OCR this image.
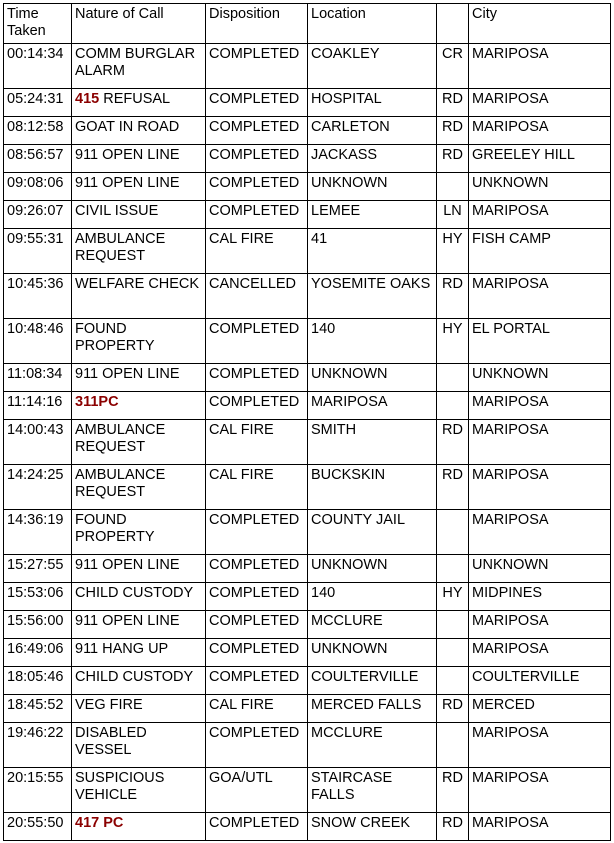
Time Taken	Nature of Call	Disposition	Location		City
00:14:34	COMM BURGLAR ALARM	COMPLETED	COAKLEY	CR	MARIPOSA
05:24:31	415 REFUSAL	COMPLETED	HOSPITAL	RD	MARIPOSA
08:12:58	GOAT IN ROAD	COMPLETED	CARLETON	RD	MARIPOSA
08:56:57	911 OPEN LINE	COMPLETED	JACKASS	RD	GREELEY HILL
09:08:06	911 OPEN LINE	COMPLETED	UNKNOWN		UNKNOWN
09:26:07	CIVIL ISSUE	COMPLETED	LEMEE	LN	MARIPOSA
09:55:31	AMBULANCE REQUEST	CAL FIRE	41	HY	FISH CAMP
10:45:36	WELFARE CHECK	CANCELLED	YOSEMITE OAKS	RD	MARIPOSA
10:48:46	FOUND PROPERTY	COMPLETED	140	HY	EL PORTAL
11:08:34	911 OPEN LINE	COMPLETED	UNKNOWN		UNKNOWN
11:14:16	311PC	COMPLETED	MARIPOSA		MARIPOSA
14:00:43	AMBULANCE REQUEST	CAL FIRE	SMITH	RD	MARIPOSA
14:24:25	AMBULANCE REQUEST	CAL FIRE	BUCKSKIN	RD	MARIPOSA
14:36:19	FOUND PROPERTY	COMPLETED	COUNTY JAIL		MARIPOSA
15:27:55	911 OPEN LINE	COMPLETED	UNKNOWN		UNKNOWN
15:53:06	CHILD CUSTODY	COMPLETED	140	HY	MIDPINES
15:56:00	911 OPEN LINE	COMPLETED	MCCLURE		MARIPOSA
16:49:06	911 HANG UP	COMPLETED	UNKNOWN		MARIPOSA
18:05:46	CHILD CUSTODY	COMPLETED	COULTERVILLE		COULTERVILLE
18:45:52	VEG FIRE	CAL FIRE	MERCED FALLS	RD	MERCED
19:46:22	DISABLED VESSEL	COMPLETED	MCCLURE		MARIPOSA
20:15:55	SUSPICIOUS VEHICLE	GOA/UTL	STAIRCASE FALLS	RD	MARIPOSA
20:55:50	417 PC	COMPLETED	SNOW CREEK	RD	MARIPOSA
